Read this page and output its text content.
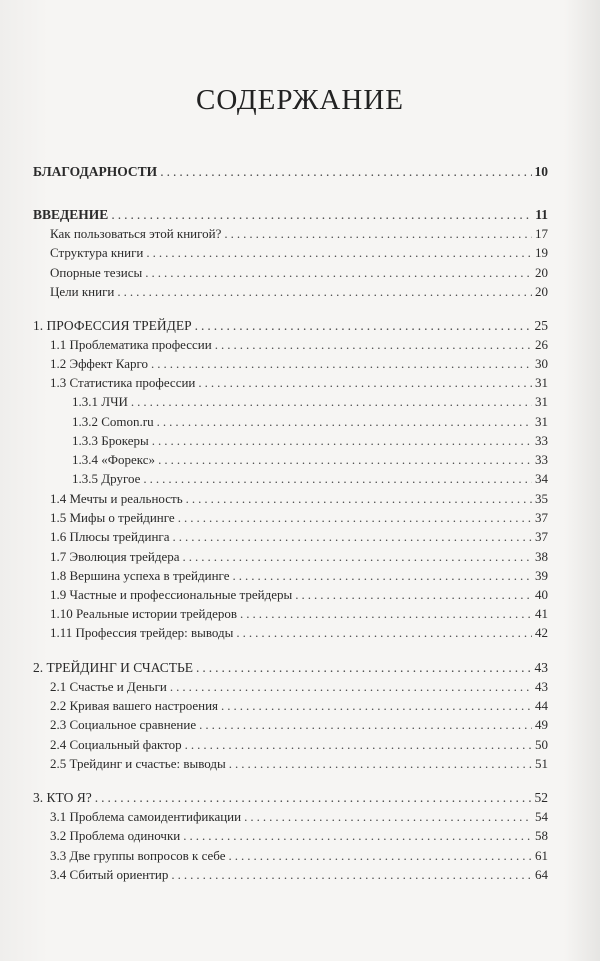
СОДЕРЖАНИЕ
БЛАГОДАРНОСТИ .....	10
ВВЕДЕНИЕ .....	11
Как пользоваться этой книгой? .....	17
Структура книги .....	19
Опорные тезисы .....	20
Цели книги .....	20
1. ПРОФЕССИЯ ТРЕЙДЕР .....	25
1.1 Проблематика профессии .....	26
1.2 Эффект Карго .....	30
1.3 Статистика профессии .....	31
1.3.1 ЛЧИ .....	31
1.3.2 Comon.ru .....	31
1.3.3 Брокеры .....	33
1.3.4 «Форекс» .....	33
1.3.5 Другое .....	34
1.4 Мечты и реальность .....	35
1.5 Мифы о трейдинге .....	37
1.6 Плюсы трейдинга .....	37
1.7 Эволюция трейдера .....	38
1.8 Вершина успеха в трейдинге .....	39
1.9 Частные и профессиональные трейдеры .....	40
1.10 Реальные истории трейдеров .....	41
1.11 Профессия трейдер: выводы .....	42
2. ТРЕЙДИНГ И СЧАСТЬЕ .....	43
2.1 Счастье и Деньги .....	43
2.2 Кривая вашего настроения .....	44
2.3 Социальное сравнение .....	49
2.4 Социальный фактор .....	50
2.5 Трейдинг и счастье: выводы .....	51
3. КТО Я? .....	52
3.1 Проблема самоидентификации .....	54
3.2 Проблема одиночки .....	58
3.3 Две группы вопросов к себе .....	61
3.4 Сбитый ориентир .....	64
